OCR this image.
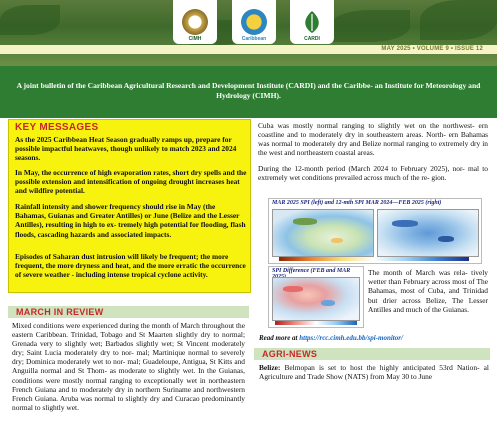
CIMH	Caribbean	CARDI
MAY 2025 • VOLUME 9 • ISSUE 12
A joint bulletin of the Caribbean Agricultural Research and Development Institute (CARDI) and the Caribbe- an Institute for Meteorology and Hydrology (CIMH).
KEY MESSAGES
As the 2025 Caribbean Heat Season gradually ramps up, prepare for possible impactful heatwaves, though unlikely to match 2023 and 2024 seasons.
In May, the occurrence of high evaporation rates, short dry spells and the possible extension and intensification of ongoing drought increases heat and wildfire potential.
Rainfall intensity and shower frequency should rise in May (the Bahamas, Guianas and Greater Antilles) or June (Belize and the Lesser Antilles), resulting in high to ex- tremely high potential for flooding, flash floods, cascading hazards and associated impacts.
Episodes of Saharan dust intrusion will likely be frequent; the more frequent, the more dryness and heat, and the more erratic the occurrence of severe weather - including intense tropical cyclone activity.
MARCH IN REVIEW
Mixed conditions were experienced during the month of March throughout the eastern Caribbean. Trinidad, Tobago and St Maarten slightly dry to normal; Grenada very to slightly wet; Barbados slightly wet; St Vincent moderately dry; Saint Lucia moderately dry to nor- mal; Martinique normal to severely dry; Dominica moderately wet to nor- mal; Guadeloupe, Antigua, St Kitts and Anguilla normal and St Thom- as moderate to slightly wet. In the Guianas, conditions were mostly normal ranging to exceptionally wet in northeastern French Guiana and to moderately dry in northern Suriname and northwestern French Guiana. Aruba was normal to slightly dry and Curacao predominantly normal to slightly wet.
Cuba was mostly normal ranging to slightly wet on the northwest- ern coastline and to moderately dry in southeastern areas. North- ern Bahamas was normal to moderately dry and Belize normal ranging to extremely dry in the west and northeastern coastal areas.
During the 12-month period (March 2024 to February 2025), nor- mal to extremely wet conditions prevailed across much of the re- gion.
MAR 2025 SPI (left) and 12-mth SPI MAR 2024—FEB 2025 (right)
SPI Difference (FEB and MAR	The month of March was rela- tively wetter than February across most of The Bahamas, most of Cuba, and Trinidad but drier across Belize, The Lesser Antilles and much of the Guianas.
Read more at https://rcc.cimh.edu.bb/spi-monitor/
AGRI-NEWS
Belize: Belmopan is set to host the highly anticipated 53rd Nation- al Agriculture and Trade Show (NATS) from May 30 to June
